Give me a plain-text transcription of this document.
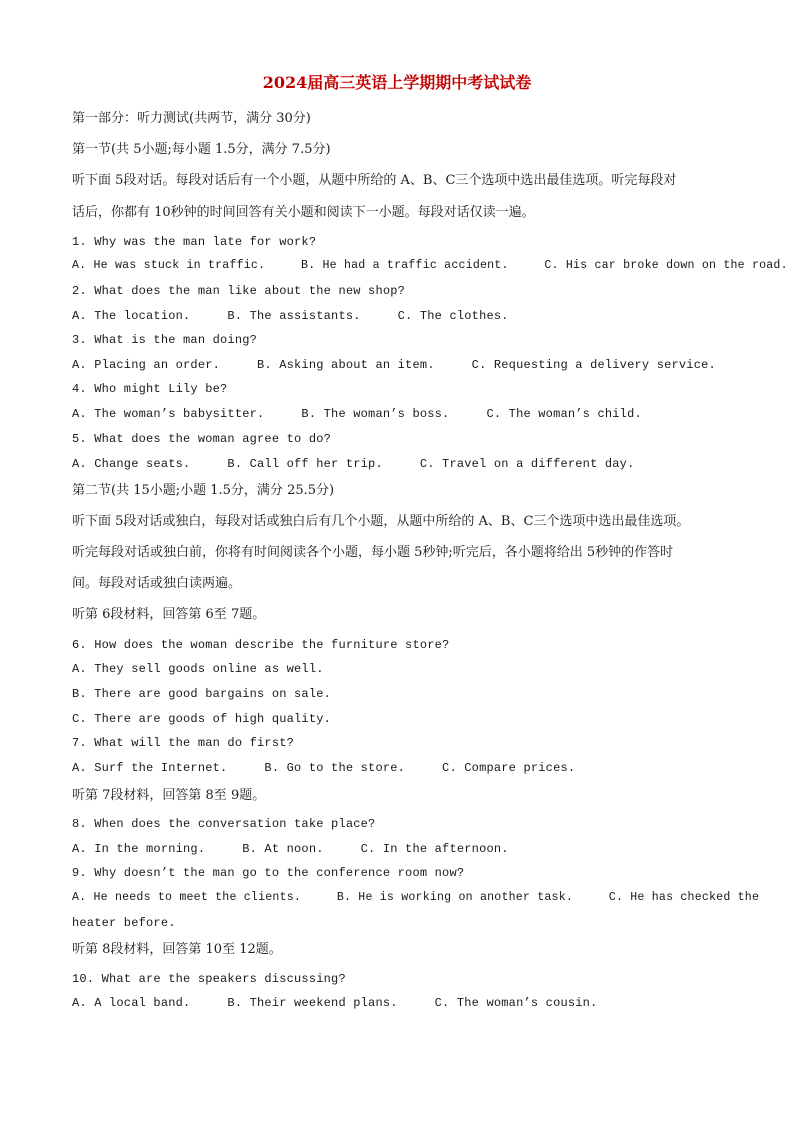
2024届高三英语上学期期中考试试卷
第一部分：听力测试(共两节，满分 30分)
第一节(共 5小题;每小题 1.5分，满分 7.5分)
听下面 5段对话。每段对话后有一个小题，从题中所给的 A、B、C三个选项中选出最佳选项。听完每段对
话后，你都有 10秒钟的时间回答有关小题和阅读下一小题。每段对话仅读一遍。
1. Why was the man late for work?
A. He was stuck in traffic.     B. He had a traffic accident.     C. His car broke down on the road.
2. What does the man like about the new shop?
A. The location.     B. The assistants.     C. The clothes.
3. What is the man doing?
A. Placing an order.     B. Asking about an item.     C. Requesting a delivery service.
4. Who might Lily be?
A. The woman’s babysitter.     B. The woman’s boss.     C. The woman’s child.
5. What does the woman agree to do?
A. Change seats.     B. Call off her trip.     C. Travel on a different day.
第二节(共 15小题;小题 1.5分，满分 25.5分)
听下面 5段对话或独白，每段对话或独白后有几个小题，从题中所给的 A、B、C三个选项中选出最佳选项。
听完每段对话或独白前，你将有时间阅读各个小题，每小题 5秒钟;听完后，各小题将给出 5秒钟的作答时
间。每段对话或独白读两遍。
听第 6段材料，回答第 6至 7题。
6. How does the woman describe the furniture store?
A. They sell goods online as well.
B. There are good bargains on sale.
C. There are goods of high quality.
7. What will the man do first?
A. Surf the Internet.     B. Go to the store.     C. Compare prices.
听第 7段材料，回答第 8至 9题。
8. When does the conversation take place?
A. In the morning.     B. At noon.     C. In the afternoon.
9. Why doesn’t the man go to the conference room now?
A. He needs to meet the clients.     B. He is working on another task.     C. He has checked the
heater before.
听第 8段材料，回答第 10至 12题。
10. What are the speakers discussing?
A. A local band.     B. Their weekend plans.     C. The woman’s cousin.
